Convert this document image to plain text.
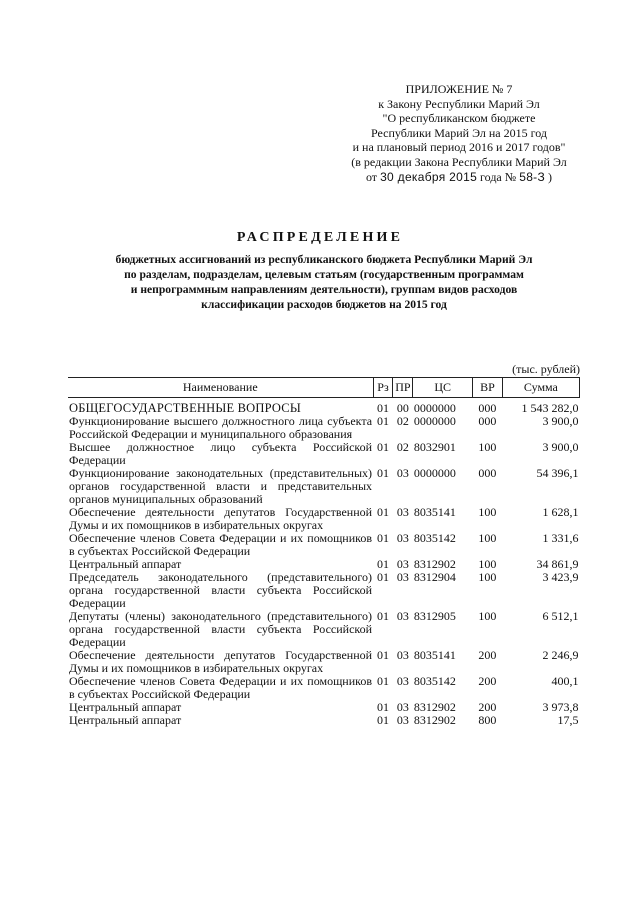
ПРИЛОЖЕНИЕ № 7
к Закону Республики Марий Эл
"О республиканском бюджете
Республики Марий Эл на 2015 год
и на плановый период 2016 и 2017 годов"
(в редакции Закона Республики Марий Эл
от 30 декабря 2015 года № 58-З )
РАСПРЕДЕЛЕНИЕ
бюджетных ассигнований из республиканского бюджета Республики Марий Эл
по разделам, подразделам, целевым статьям (государственным программам
и непрограммным направлениям деятельности), группам видов расходов
классификации расходов бюджетов на 2015 год
(тыс. рублей)
Наименование	Рз	ПР	ЦС	ВР	Сумма

ОБЩЕГОСУДАРСТВЕННЫЕ ВОПРОСЫ	01	00	0000000	000	1 543 282,0
Функционирование высшего должностного лица субъекта Российской Федерации и муниципального образования	01	02	0000000	000	3 900,0
Высшее должностное лицо субъекта Российской Федерации	01	02	8032901	100	3 900,0
Функционирование законодательных (представительных) органов государственной власти и представительных органов муниципальных образований	01	03	0000000	000	54 396,1
Обеспечение деятельности депутатов Государственной Думы и их помощников в избирательных округах	01	03	8035141	100	1 628,1
Обеспечение членов Совета Федерации и их помощников в субъектах Российской Федерации	01	03	8035142	100	1 331,6
Центральный аппарат	01	03	8312902	100	34 861,9
Председатель законодательного (представительного) органа государственной власти субъекта Российской Федерации	01	03	8312904	100	3 423,9
Депутаты (члены) законодательного (представительного) органа государственной власти субъекта Российской Федерации	01	03	8312905	100	6 512,1
Обеспечение деятельности депутатов Государственной Думы и их помощников в избирательных округах	01	03	8035141	200	2 246,9
Обеспечение членов Совета Федерации и их помощников в субъектах Российской Федерации	01	03	8035142	200	400,1
Центральный аппарат	01	03	8312902	200	3 973,8
Центральный аппарат	01	03	8312902	800	17,5
